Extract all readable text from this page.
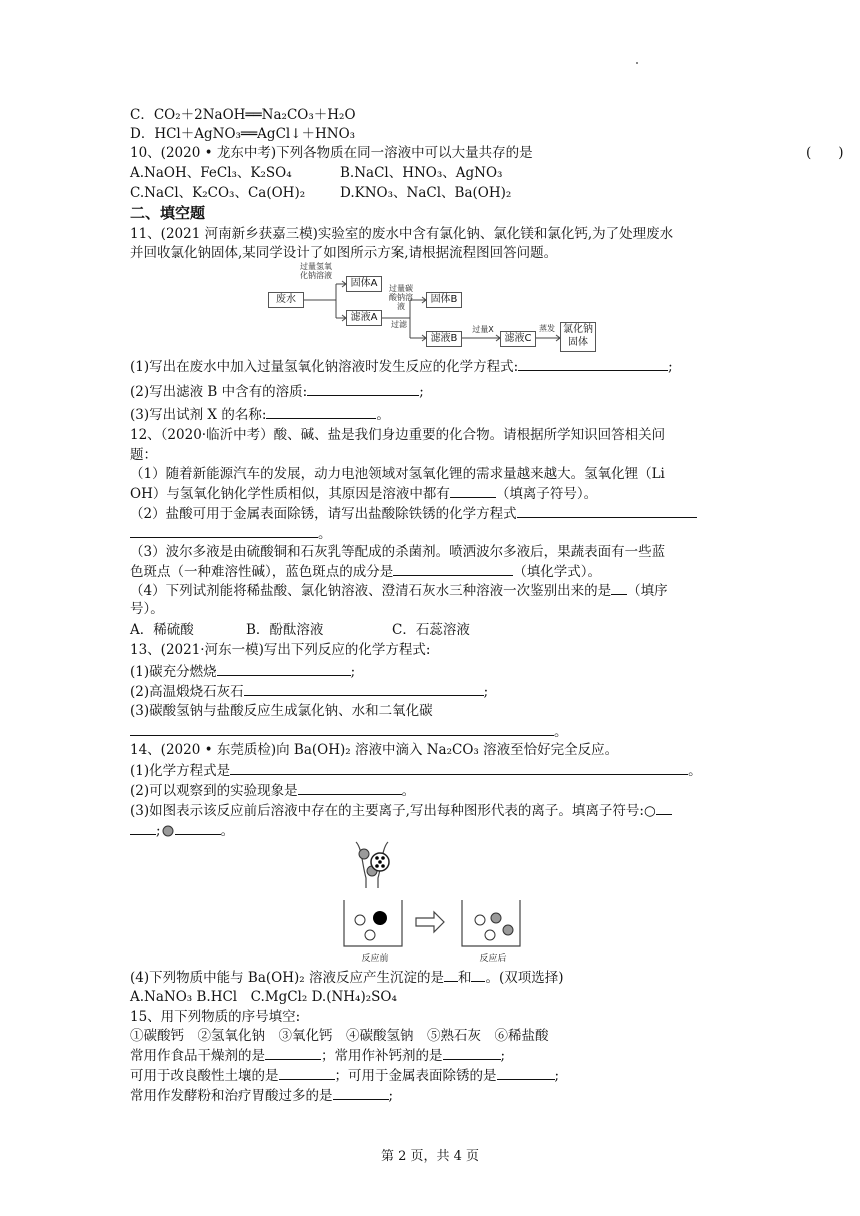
C．CO₂＋2NaOH══Na₂CO₃＋H₂O
D．HCl＋AgNO₃══AgCl↓＋HNO₃
10、(2020 • 龙东中考)下列各物质在同一溶液中可以大量共存的是	(　　)
A.NaOH、FeCl₃、K₂SO₄	B.NaCl、HNO₃、AgNO₃
C.NaCl、K₂CO₃、Ca(OH)₂	D.KNO₃、NaCl、Ba(OH)₂
二、填空题
11、(2021 河南新乡获嘉三模)实验室的废水中含有氯化钠、氯化镁和氯化钙,为了处理废水
并回收氯化钠固体,某同学设计了如图所示方案,请根据流程图回答问题。
废水
过量氢氧化钠溶液
固体A
滤液A
过量碳酸钠溶液
过滤
固体B
滤液B
过量X
滤液C
蒸发 氯化钠固体
(1)写出在废水中加入过量氢氧化钠溶液时发生反应的化学方程式:	;
(2)写出滤液 B 中含有的溶质:	;
(3)写出试剂 X 的名称:	。
12、（2020·临沂中考）酸、碱、盐是我们身边重要的化合物。请根据所学知识回答相关问
题：
（1）随着新能源汽车的发展，动力电池领域对氢氧化锂的需求量越来越大。氢氧化锂（Li
OH）与氢氧化钠化学性质相似，其原因是溶液中都有	（填离子符号）。
（2）盐酸可用于金属表面除锈，请写出盐酸除铁锈的化学方程式
。
（3）波尔多液是由硫酸铜和石灰乳等配成的杀菌剂。喷洒波尔多液后，果蔬表面有一些蓝
色斑点（一种难溶性碱），蓝色斑点的成分是	（填化学式）。
（4）下列试剂能将稀盐酸、氯化钠溶液、澄清石灰水三种溶液一次鉴别出来的是 （填序
号）。
A．稀硫酸	B．酚酞溶液	C．石蕊溶液
13、(2021·河东一模)写出下列反应的化学方程式:
(1)碳充分燃烧	;
(2)高温煅烧石灰石	;
(3)碳酸氢钠与盐酸反应生成氯化钠、水和二氧化碳
。
14、(2020 • 东莞质检)向 Ba(OH)₂ 溶液中滴入 Na₂CO₃ 溶液至恰好完全反应。
(1)化学方程式是	。
(2)可以观察到的实验现象是	。
(3)如图表示该反应前后溶液中存在的主要离子,写出每种图形代表的离子。填离子符号:○
;	。
反应前	反应后
(4)下列物质中能与 Ba(OH)₂ 溶液反应产生沉淀的是 和 。(双项选择)
A.NaNO₃ B.HCl　C.MgCl₂ D.(NH₄)₂SO₄
15、用下列物质的序号填空:
①碳酸钙　②氢氧化钠　③氧化钙　④碳酸氢钠　⑤熟石灰　⑥稀盐酸
常用作食品干燥剂的是	；常用作补钙剂的是	;
可用于改良酸性土壤的是	；可用于金属表面除锈的是	;
常用作发酵粉和治疗胃酸过多的是	;
第 2 页，共 4 页
